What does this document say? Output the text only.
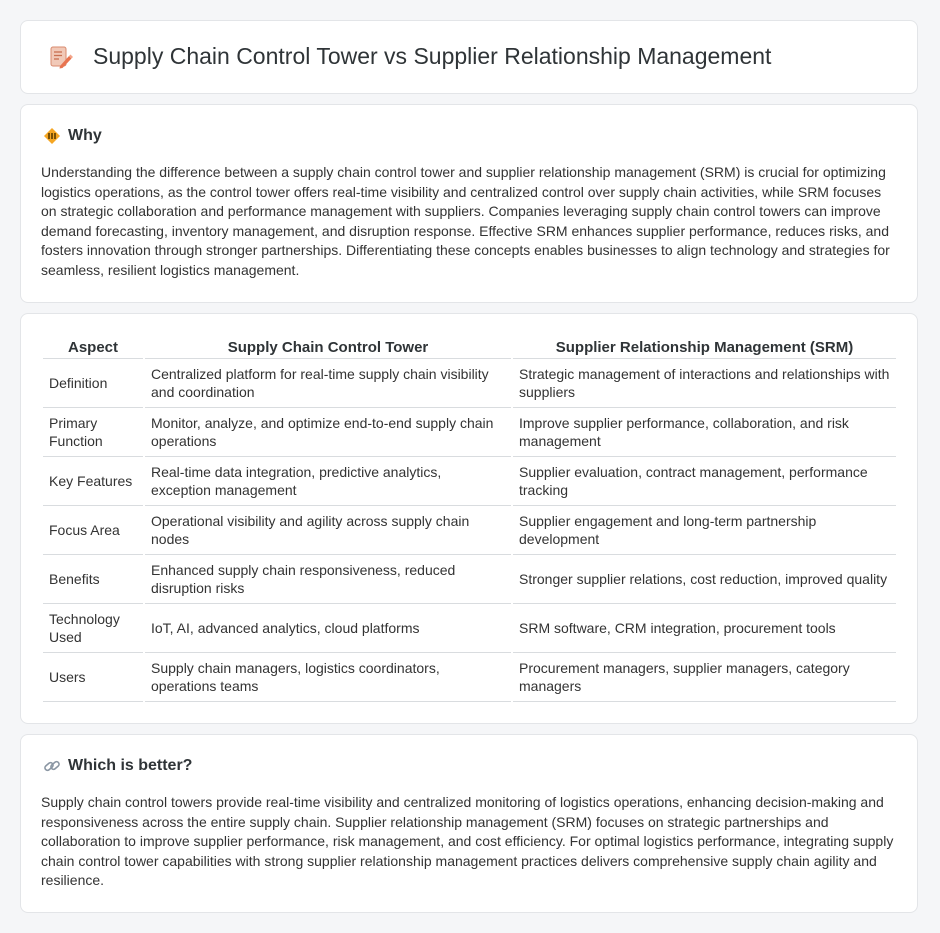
Supply Chain Control Tower vs Supplier Relationship Management
Why

Understanding the difference between a supply chain control tower and supplier relationship management (SRM) is crucial for optimizing logistics operations, as the control tower offers real-time visibility and centralized control over supply chain activities, while SRM focuses on strategic collaboration and performance management with suppliers. Companies leveraging supply chain control towers can improve demand forecasting, inventory management, and disruption response. Effective SRM enhances supplier performance, reduces risks, and fosters innovation through stronger partnerships. Differentiating these concepts enables businesses to align technology and strategies for seamless, resilient logistics management.

Aspect	Supply Chain Control Tower	Supplier Relationship Management (SRM)
Definition	Centralized platform for real-time supply chain visibility and coordination	Strategic management of interactions and relationships with suppliers
Primary Function	Monitor, analyze, and optimize end-to-end supply chain operations	Improve supplier performance, collaboration, and risk management
Key Features	Real-time data integration, predictive analytics, exception management	Supplier evaluation, contract management, performance tracking
Focus Area	Operational visibility and agility across supply chain nodes	Supplier engagement and long-term partnership development
Benefits	Enhanced supply chain responsiveness, reduced disruption risks	Stronger supplier relations, cost reduction, improved quality
Technology Used	IoT, AI, advanced analytics, cloud platforms	SRM software, CRM integration, procurement tools
Users	Supply chain managers, logistics coordinators, operations teams	Procurement managers, supplier managers, category managers
Which is better?

Supply chain control towers provide real-time visibility and centralized monitoring of logistics operations, enhancing decision-making and responsiveness across the entire supply chain. Supplier relationship management (SRM) focuses on strategic partnerships and collaboration to improve supplier performance, risk management, and cost efficiency. For optimal logistics performance, integrating supply chain control tower capabilities with strong supplier relationship management practices delivers comprehensive supply chain agility and resilience.
